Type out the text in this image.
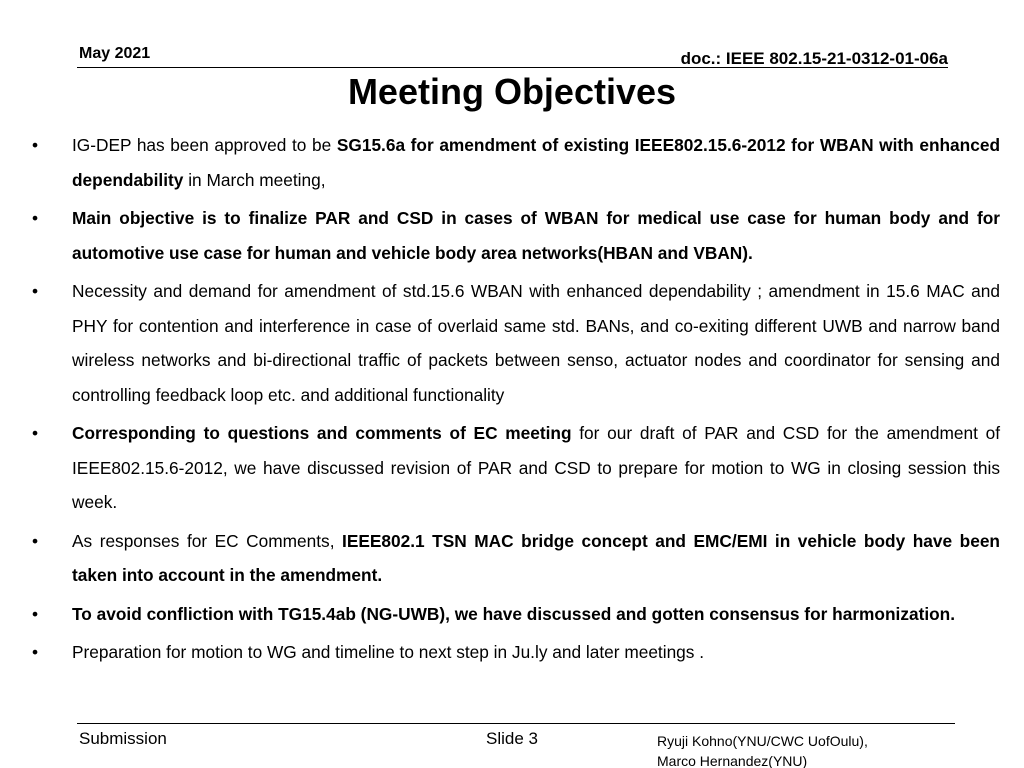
May 2021	doc.: IEEE 802.15-21-0312-01-06a
Meeting Objectives
• IG-DEP has been approved to be SG15.6a for amendment of existing IEEE802.15.6-2012 for WBAN with enhanced dependability in March meeting,
• Main objective is to finalize PAR and CSD in cases of WBAN for medical use case for human body and for automotive use case for human and vehicle body area networks(HBAN and VBAN).
• Necessity and demand for amendment of std.15.6 WBAN with enhanced dependability ; amendment in 15.6 MAC and PHY for contention and interference in case of overlaid same std. BANs, and co-exiting different UWB and narrow band wireless networks and bi-directional traffic of packets between senso, actuator nodes and coordinator for sensing and controlling feedback loop etc. and additional functionality
• Corresponding to questions and comments of EC meeting for our draft of PAR and CSD for the amendment of IEEE802.15.6-2012, we have discussed revision of PAR and CSD to prepare for motion to WG in closing session this week.
• As responses for EC Comments, IEEE802.1 TSN MAC bridge concept and EMC/EMI in vehicle body have been taken into account in the amendment.
• To avoid confliction with TG15.4ab (NG-UWB), we have discussed and gotten consensus for harmonization.
• Preparation for motion to WG and timeline to next step in Ju.ly and later meetings .
Submission	Slide 3	Ryuji Kohno(YNU/CWC UofOulu),
Marco Hernandez(YNU)
